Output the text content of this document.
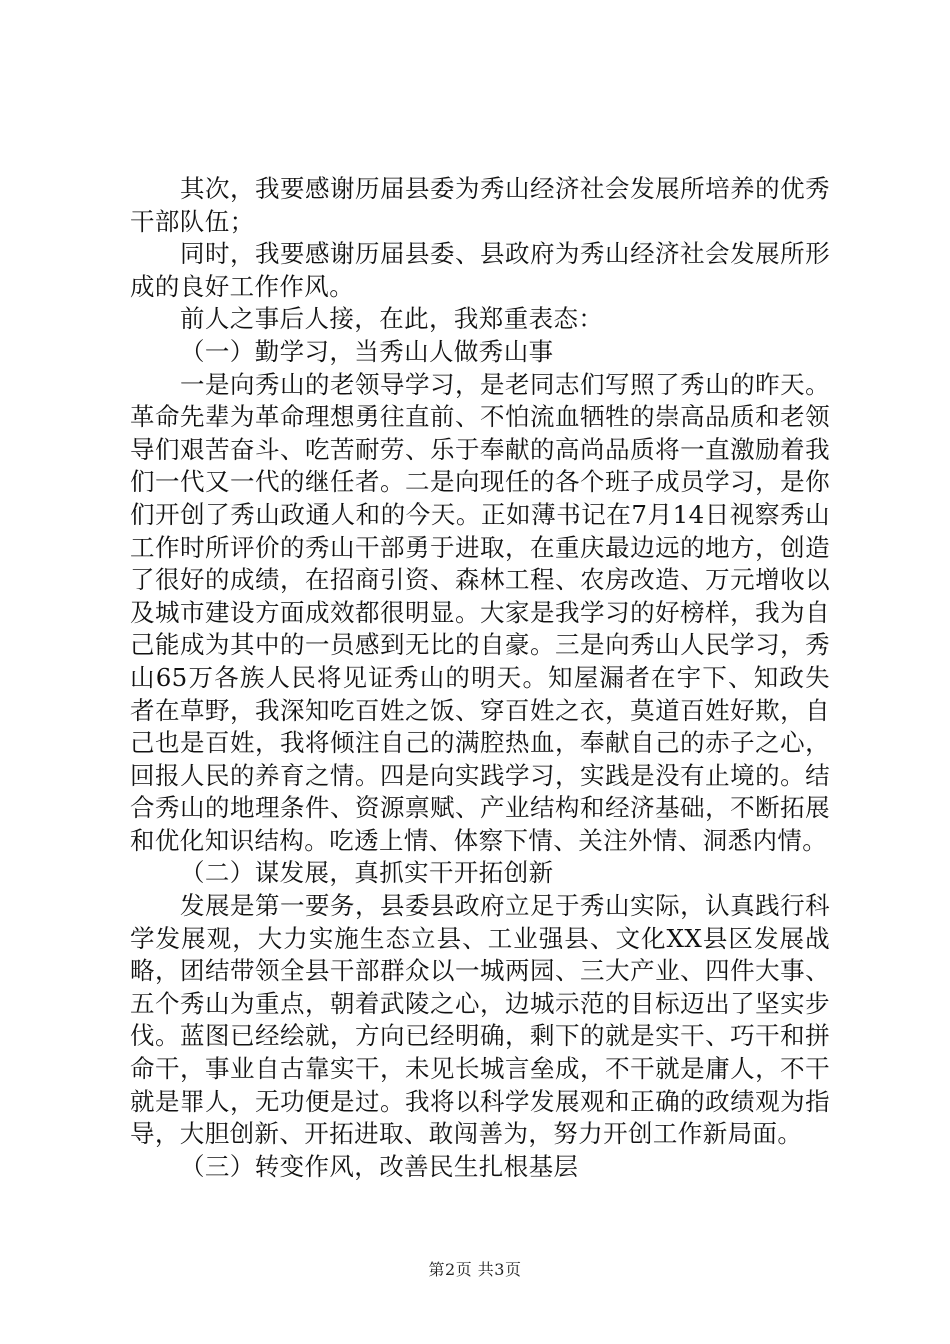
其次，我要感谢历届县委为秀山经济社会发展所培养的优秀干部队伍；

同时，我要感谢历届县委、县政府为秀山经济社会发展所形成的良好工作作风。

前人之事后人接，在此，我郑重表态：

（一）勤学习，当秀山人做秀山事

一是向秀山的老领导学习，是老同志们写照了秀山的昨天。革命先辈为革命理想勇往直前、不怕流血牺牲的崇高品质和老领导们艰苦奋斗、吃苦耐劳、乐于奉献的高尚品质将一直激励着我们一代又一代的继任者。二是向现任的各个班子成员学习，是你们开创了秀山政通人和的今天。正如薄书记在7月14日视察秀山工作时所评价的秀山干部勇于进取，在重庆最边远的地方，创造了很好的成绩，在招商引资、森林工程、农房改造、万元增收以及城市建设方面成效都很明显。大家是我学习的好榜样，我为自己能成为其中的一员感到无比的自豪。三是向秀山人民学习，秀山65万各族人民将见证秀山的明天。知屋漏者在宇下、知政失者在草野，我深知吃百姓之饭、穿百姓之衣，莫道百姓好欺，自己也是百姓，我将倾注自己的满腔热血，奉献自己的赤子之心，回报人民的养育之情。四是向实践学习，实践是没有止境的。结合秀山的地理条件、资源禀赋、产业结构和经济基础，不断拓展和优化知识结构。吃透上情、体察下情、关注外情、洞悉内情。

（二）谋发展，真抓实干开拓创新

发展是第一要务，县委县政府立足于秀山实际，认真践行科学发展观，大力实施生态立县、工业强县、文化XX县区发展战略，团结带领全县干部群众以一城两园、三大产业、四件大事、五个秀山为重点，朝着武陵之心，边城示范的目标迈出了坚实步伐。蓝图已经绘就，方向已经明确，剩下的就是实干、巧干和拼命干，事业自古靠实干，未见长城言垒成，不干就是庸人，不干就是罪人，无功便是过。我将以科学发展观和正确的政绩观为指导，大胆创新、开拓进取、敢闯善为，努力开创工作新局面。

（三）转变作风，改善民生扎根基层

第2页 共3页
